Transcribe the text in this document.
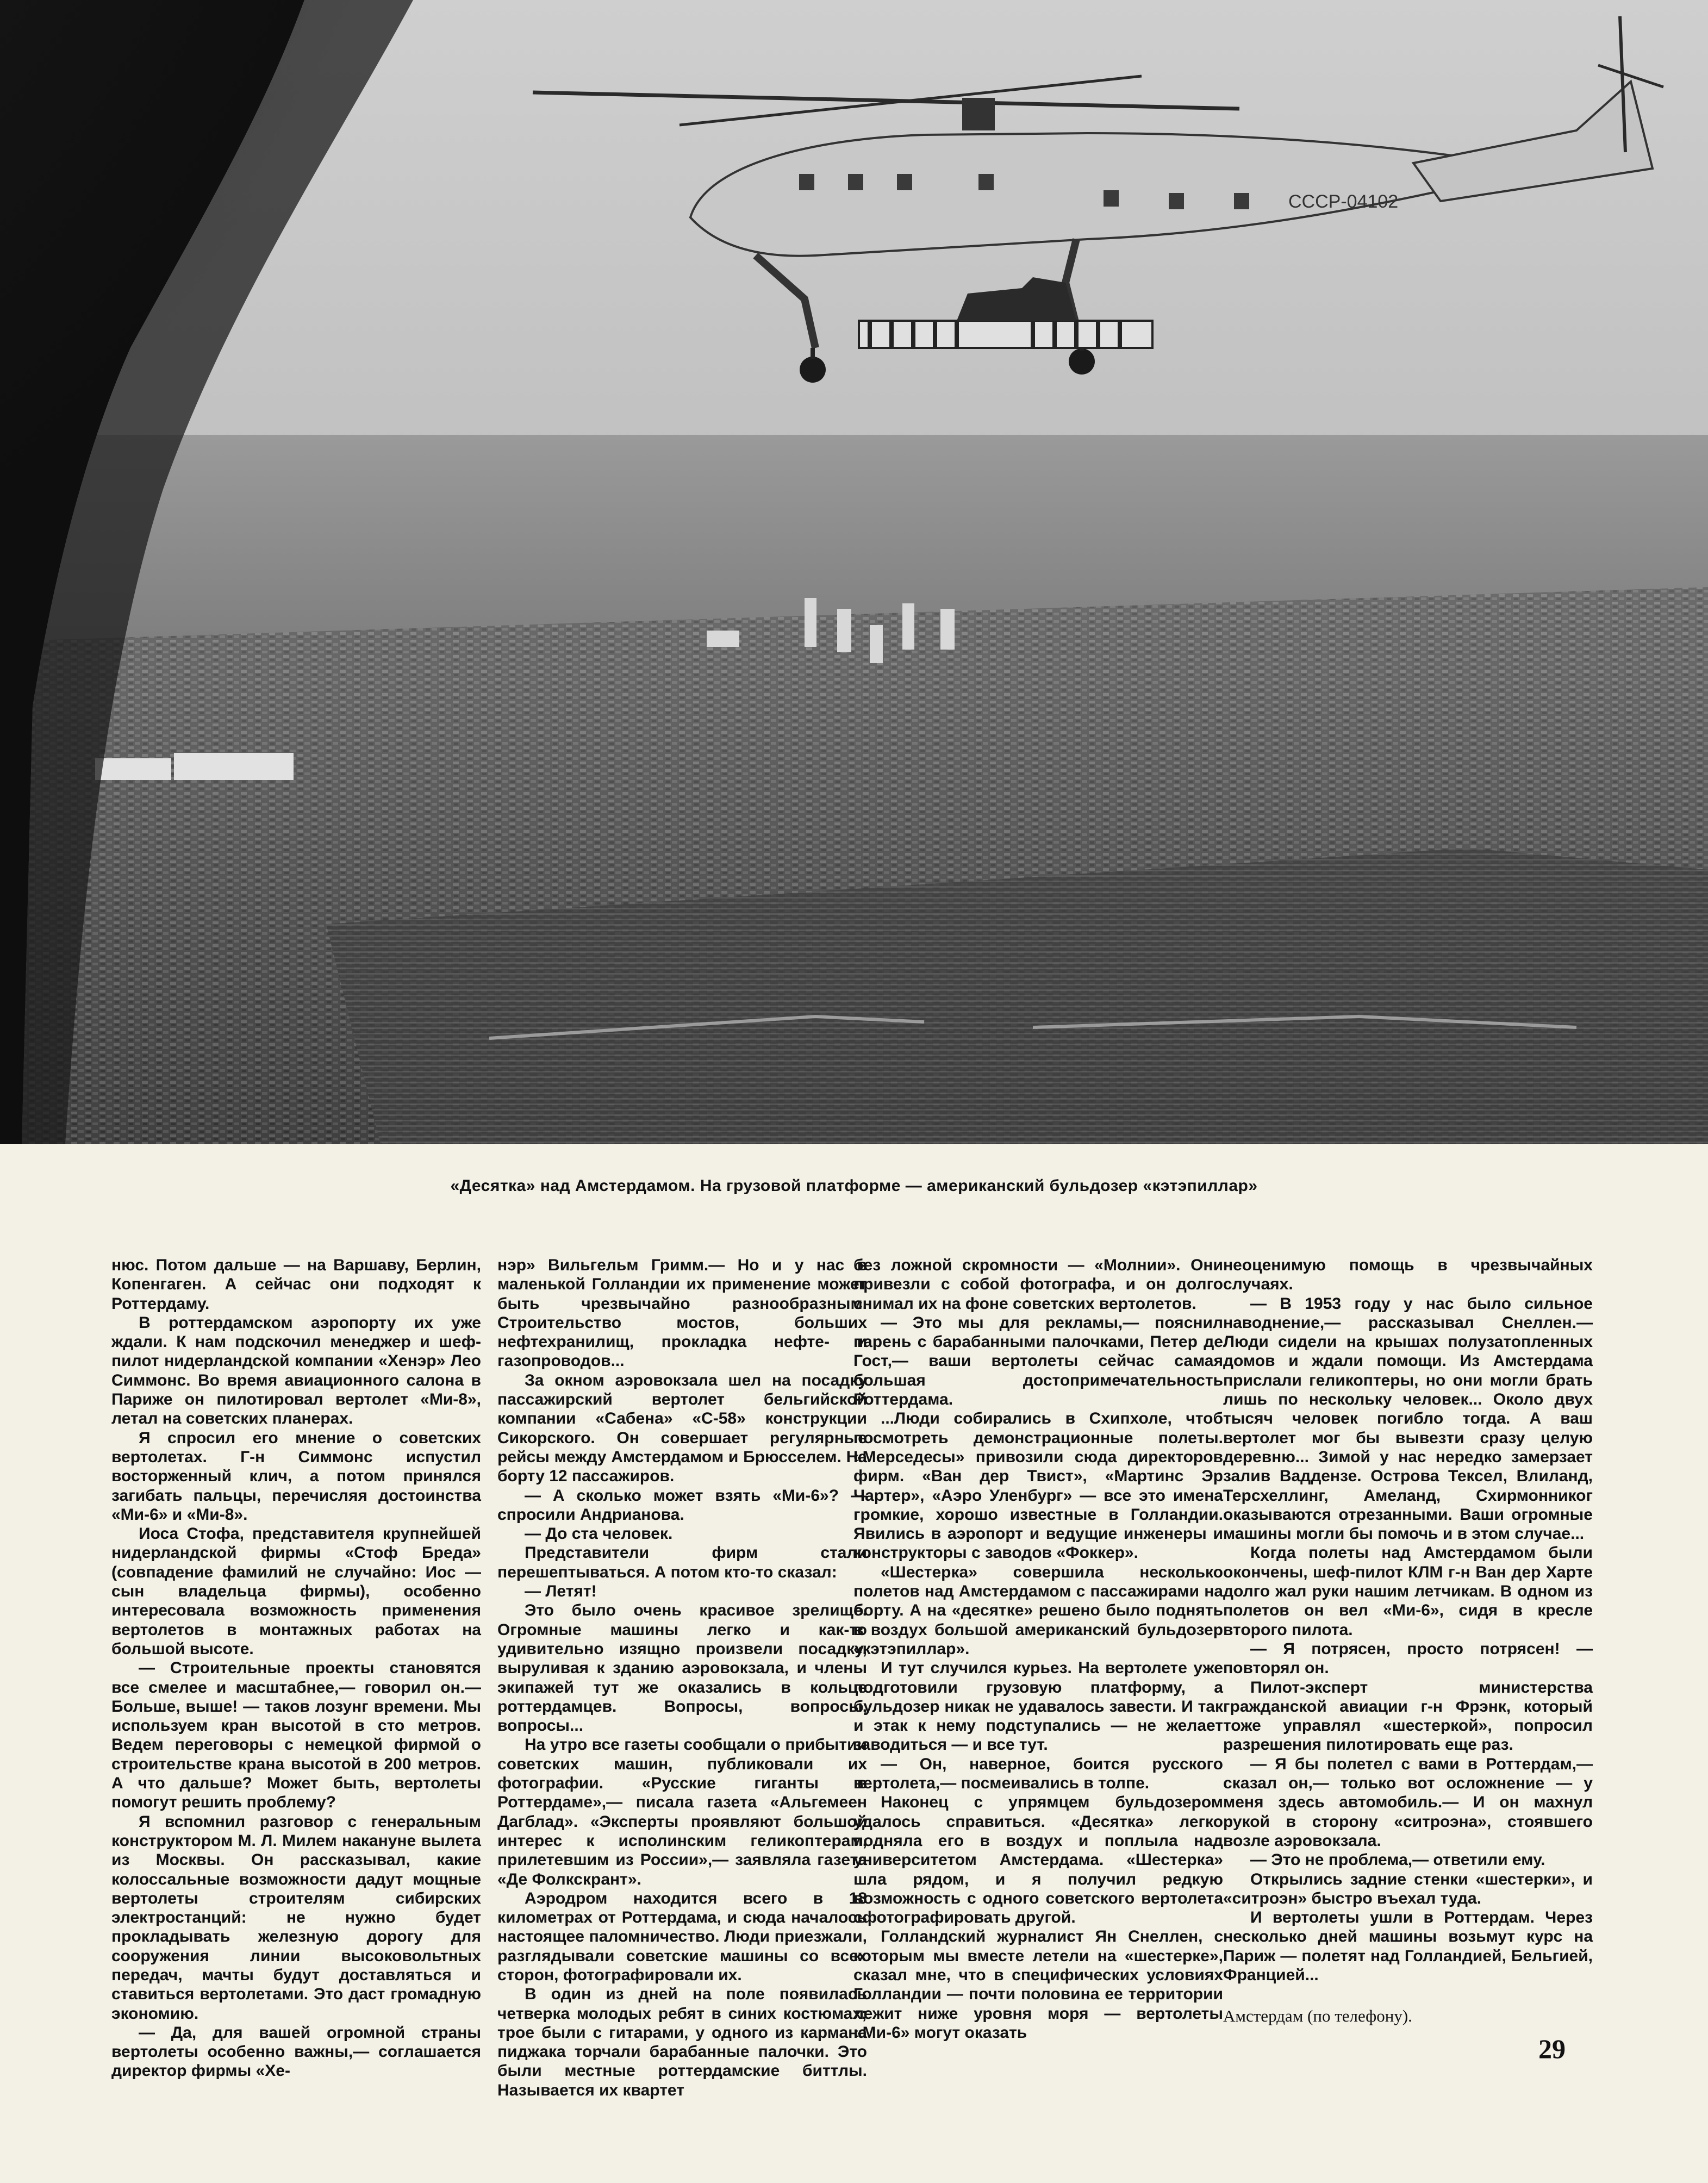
СССР-04102
«Десятка» над Амстердамом. На грузовой платформе — американский бульдозер «кэтэпиллар»

нюс. Потом дальше — на Варшаву, Берлин, Копенгаген. А сейчас они подходят к Роттердаму.

В роттердамском аэропорту их уже ждали. К нам подскочил менеджер и шеф-пилот нидерландской компании «Хенэр» Лео Симмонс. Во время авиационного салона в Париже он пилотировал вертолет «Ми-8», летал на советских планерах.

Я спросил его мнение о советских вертолетах. Г-н Симмонс испустил восторженный клич, а потом принялся загибать пальцы, перечисляя достоинства «Ми-6» и «Ми-8».

Иоса Стофа, представителя крупнейшей нидерландской фирмы «Стоф Бреда» (совпадение фамилий не случайно: Иос — сын владельца фирмы), особенно интересовала возможность применения вертолетов в монтажных работах на большой высоте.

— Строительные проекты становятся все смелее и масштабнее,— говорил он.— Больше, выше! — таков лозунг времени. Мы используем кран высотой в сто метров. Ведем переговоры с немецкой фирмой о строительстве крана высотой в 200 метров. А что дальше? Может быть, вертолеты помогут решить проблему?

Я вспомнил разговор с генеральным конструктором М. Л. Милем накануне вылета из Москвы. Он рассказывал, какие колоссальные возможности дадут мощные вертолеты строителям сибирских электростанций: не нужно будет прокладывать железную дорогу для сооружения линии высоковольтных передач, мачты будут доставляться и ставиться вертолетами. Это даст громадную экономию.

— Да, для вашей огромной страны вертолеты особенно важны,— соглашается директор фирмы «Хе-

нэр» Вильгельм Гримм.— Но и у нас в маленькой Голландии их применение может быть чрезвычайно разнообразным. Строительство мостов, больших нефтехранилищ, прокладка нефте- и газопроводов...

За окном аэровокзала шел на посадку пассажирский вертолет бельгийской компании «Сабена» «С-58» конструкции Сикорского. Он совершает регулярные рейсы между Амстердамом и Брюсселем. На борту 12 пассажиров.

— А сколько может взять «Ми-6»? — спросили Андрианова.

— До ста человек.

Представители фирм стали перешептываться. А потом кто-то сказал:

— Летят!

Это было очень красивое зрелище. Огромные машины легко и как-то удивительно изящно произвели посадку, выруливая к зданию аэровокзала, и члены экипажей тут же оказались в кольце роттердамцев. Вопросы, вопросы, вопросы...

На утро все газеты сообщали о прибытии советских машин, публиковали их фотографии. «Русские гиганты в Роттердаме»,— писала газета «Альгемеен Дагблад». «Эксперты проявляют большой интерес к исполинским геликоптерам, прилетевшим из России»,— заявляла газета «Де Фолкскрант».

Аэродром находится всего в 18 километрах от Роттердама, и сюда началось настоящее паломничество. Люди приезжали, разглядывали советские машины со всех сторон, фотографировали их.

В один из дней на поле появилась четверка молодых ребят в синих костюмах; трое были с гитарами, у одного из кармана пиджака торчали барабанные палочки. Это были местные роттердамские биттлы. Называется их квартет

без ложной скромности — «Молнии». Они привезли с собой фотографа, и он долго снимал их на фоне советских вертолетов.

— Это мы для рекламы,— пояснил парень с барабанными палочками, Петер де Гост,— ваши вертолеты сейчас самая большая достопримечательность Роттердама.

...Люди собирались в Схипхоле, чтоб посмотреть демонстрационные полеты. «Мерседесы» привозили сюда директоров фирм. «Ван дер Твист», «Мартинс Эр Чартер», «Аэро Уленбург» — все это имена громкие, хорошо известные в Голландии. Явились в аэропорт и ведущие инженеры и конструкторы с заводов «Фоккер».

«Шестерка» совершила несколько полетов над Амстердамом с пассажирами на борту. А на «десятке» решено было поднять в воздух большой американский бульдозер «кэтэпиллар».

И тут случился курьез. На вертолете уже подготовили грузовую платформу, а бульдозер никак не удавалось завести. И так и этак к нему подступались — не желает заводиться — и все тут.

— Он, наверное, боится русского вертолета,— посмеивались в толпе.

Наконец с упрямцем бульдозером удалось справиться. «Десятка» легко подняла его в воздух и поплыла над университетом Амстердама. «Шестерка» шла рядом, и я получил редкую возможность с одного советского вертолета сфотографировать другой.

Голландский журналист Ян Снеллен, с которым мы вместе летели на «шестерке», сказал мне, что в специфических условиях Голландии — почти половина ее территории лежит ниже уровня моря — вертолеты «Ми-6» могут оказать

неоценимую помощь в чрезвычайных случаях.

— В 1953 году у нас было сильное наводнение,— рассказывал Снеллен.— Люди сидели на крышах полузатопленных домов и ждали помощи. Из Амстердама прислали геликоптеры, но они могли брать лишь по нескольку человек... Около двух тысяч человек погибло тогда. А ваш вертолет мог бы вывезти сразу целую деревню... Зимой у нас нередко замерзает залив Ваддензе. Острова Тексел, Влиланд, Терсхеллинг, Амеланд, Схирмонниког оказываются отрезанными. Ваши огромные машины могли бы помочь и в этом случае...

Когда полеты над Амстердамом были окончены, шеф-пилот КЛМ г-н Ван дер Харте долго жал руки нашим летчикам. В одном из полетов он вел «Ми-6», сидя в кресле второго пилота.

— Я потрясен, просто потрясен! — повторял он.

Пилот-эксперт министерства гражданской авиации г-н Фрэнк, который тоже управлял «шестеркой», попросил разрешения пилотировать еще раз.

— Я бы полетел с вами в Роттердам,— сказал он,— только вот осложнение — у меня здесь автомобиль.— И он махнул рукой в сторону «ситроэна», стоявшего возле аэровокзала.

— Это не проблема,— ответили ему.

Открылись задние стенки «шестерки», и «ситроэн» быстро въехал туда.

И вертолеты ушли в Роттердам. Через несколько дней машины возьмут курс на Париж — полетят над Голландией, Бельгией, Францией...

Амстердам (по телефону).

29
